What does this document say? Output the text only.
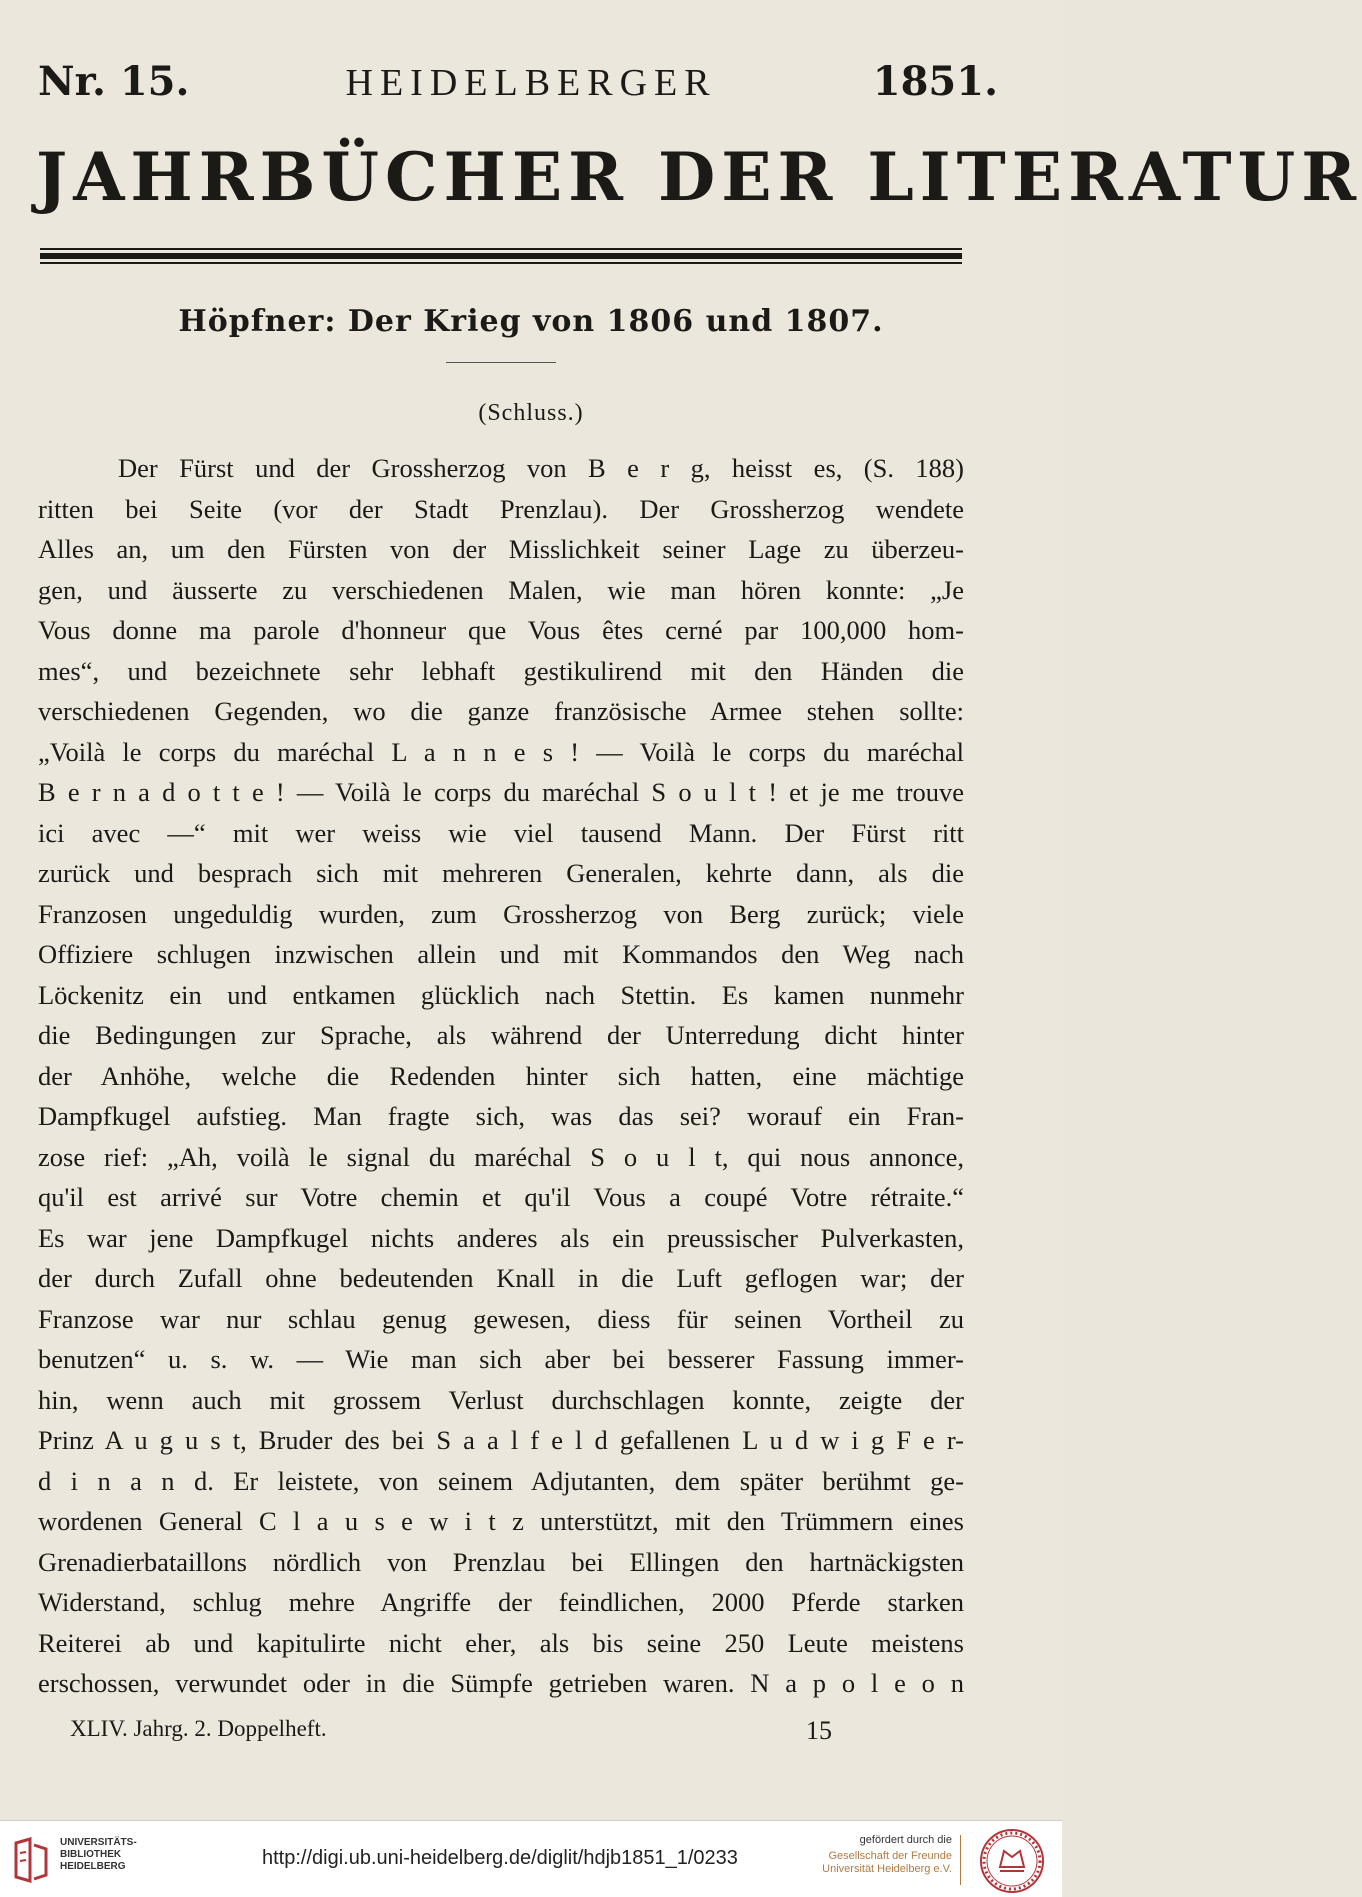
Nr. 15.	HEIDELBERGER	1851.
JAHRBÜCHER DER LITERATUR
Höpfner: Der Krieg von 1806 und 1807.
(Schluss.)
Der Fürst und der Grossherzog von B e r g, heisst es, (S. 188)
ritten bei Seite (vor der Stadt Prenzlau). Der Grossherzog wendete
Alles an, um den Fürsten von der Misslichkeit seiner Lage zu überzeu-
gen, und äusserte zu verschiedenen Malen, wie man hören konnte: „Je
Vous donne ma parole d'honneur que Vous êtes cerné par 100,000 hom-
mes“, und bezeichnete sehr lebhaft gestikulirend mit den Händen die
verschiedenen Gegenden, wo die ganze französische Armee stehen sollte:
„Voilà le corps du maréchal L a n n e s ! — Voilà le corps du maréchal
B e r n a d o t t e ! — Voilà le corps du maréchal S o u l t ! et je me trouve
ici avec —“ mit wer weiss wie viel tausend Mann. Der Fürst ritt
zurück und besprach sich mit mehreren Generalen, kehrte dann, als die
Franzosen ungeduldig wurden, zum Grossherzog von Berg zurück; viele
Offiziere schlugen inzwischen allein und mit Kommandos den Weg nach
Löckenitz ein und entkamen glücklich nach Stettin. Es kamen nunmehr
die Bedingungen zur Sprache, als während der Unterredung dicht hinter
der Anhöhe, welche die Redenden hinter sich hatten, eine mächtige
Dampfkugel aufstieg. Man fragte sich, was das sei? worauf ein Fran-
zose rief: „Ah, voilà le signal du maréchal S o u l t, qui nous annonce,
qu'il est arrivé sur Votre chemin et qu'il Vous a coupé Votre rétraite.“
Es war jene Dampfkugel nichts anderes als ein preussischer Pulverkasten,
der durch Zufall ohne bedeutenden Knall in die Luft geflogen war; der
Franzose war nur schlau genug gewesen, diess für seinen Vortheil zu
benutzen“ u. s. w. — Wie man sich aber bei besserer Fassung immer-
hin, wenn auch mit grossem Verlust durchschlagen konnte, zeigte der
Prinz A u g u s t, Bruder des bei S a a l f e l d gefallenen L u d w i g F e r-
d i n a n d. Er leistete, von seinem Adjutanten, dem später berühmt ge-
wordenen General C l a u s e w i t z unterstützt, mit den Trümmern eines
Grenadierbataillons nördlich von Prenzlau bei Ellingen den hartnäckigsten
Widerstand, schlug mehre Angriffe der feindlichen, 2000 Pferde starken
Reiterei ab und kapitulirte nicht eher, als bis seine 250 Leute meistens
erschossen, verwundet oder in die Sümpfe getrieben waren. N a p o l e o n
XLIV. Jahrg. 2. Doppelheft.	15
UNIVERSITÄTS-
BIBLIOTHEK
HEIDELBERG	http://digi.ub.uni-heidelberg.de/diglit/hdjb1851_1/0233
gefördert durch die
Gesellschaft der Freunde
Universität Heidelberg e.V.
